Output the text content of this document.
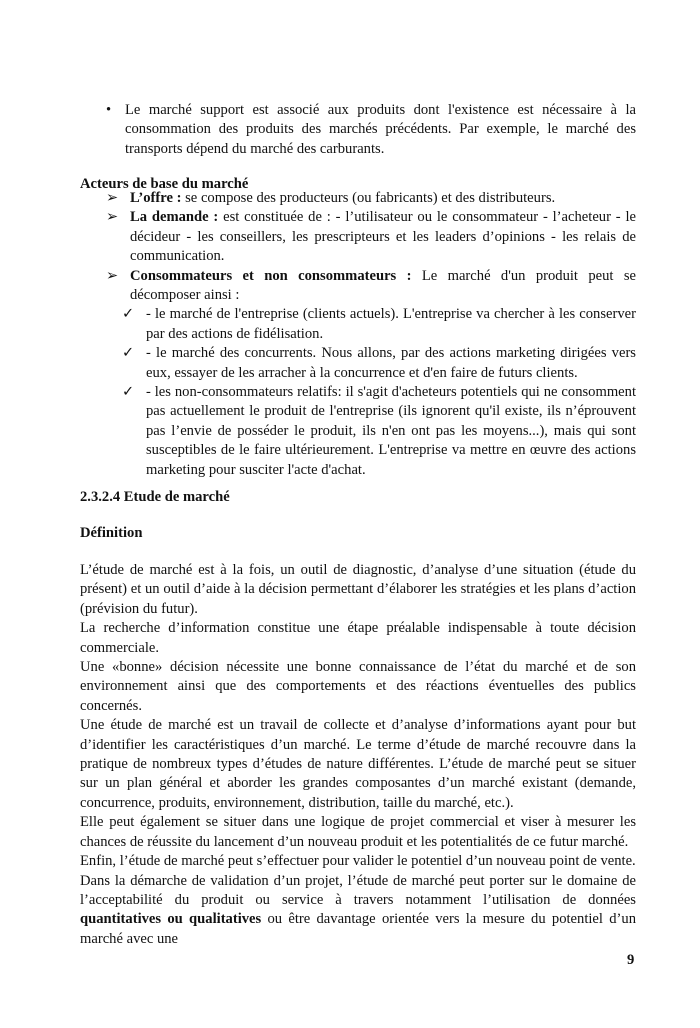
• Le marché support est associé aux produits dont l'existence est nécessaire à la consommation des produits des marchés précédents. Par exemple, le marché des transports dépend du marché des carburants.
Acteurs de base du marché
➢ L’offre : se compose des producteurs (ou fabricants) et des distributeurs.
➢ La demande : est constituée de : - l’utilisateur ou le consommateur - l’acheteur - le décideur - les conseillers, les prescripteurs et les leaders d’opinions - les relais de communication.
➢ Consommateurs et non consommateurs : Le marché d'un produit peut se décomposer ainsi :
✓ - le marché de l'entreprise (clients actuels). L'entreprise va chercher à les conserver par des actions de fidélisation.
✓ - le marché des concurrents. Nous allons, par des actions marketing dirigées vers eux, essayer de les arracher à la concurrence et d'en faire de futurs clients.
✓ - les non-consommateurs relatifs: il s'agit d'acheteurs potentiels qui ne consomment pas actuellement le produit de l'entreprise (ils ignorent qu'il existe, ils n’éprouvent pas l’envie de posséder le produit, ils n'en ont pas les moyens...), mais qui sont susceptibles de le faire ultérieurement. L'entreprise va mettre en œuvre des actions marketing pour susciter l'acte d'achat.
2.3.2.4 Etude de marché
Définition

L’étude de marché est à la fois, un outil de diagnostic, d’analyse d’une situation (étude du présent) et un outil d’aide à la décision permettant d’élaborer les stratégies et les plans d’action (prévision du futur).

La recherche d’information constitue une étape préalable indispensable à toute décision commerciale.

Une «bonne» décision nécessite une bonne connaissance de l’état du marché et de son environnement ainsi que des comportements et des réactions éventuelles des publics concernés.

Une étude de marché est un travail de collecte et d’analyse d’informations ayant pour but d’identifier les caractéristiques d’un marché. Le terme d’étude de marché recouvre dans la pratique de nombreux types d’études de nature différentes. L’étude de marché peut se situer sur un plan général et aborder les grandes composantes d’un marché existant (demande, concurrence, produits, environnement, distribution, taille du marché, etc.).

Elle peut également se situer dans une logique de projet commercial et viser à mesurer les chances de réussite du lancement d’un nouveau produit et les potentialités de ce futur marché.

Enfin, l’étude de marché peut s’effectuer pour valider le potentiel d’un nouveau point de vente.

Dans la démarche de validation d’un projet, l’étude de marché peut porter sur le domaine de l’acceptabilité du produit ou service à travers notamment l’utilisation de données quantitatives ou qualitatives ou être davantage orientée vers la mesure du potentiel d’un marché avec une

9
